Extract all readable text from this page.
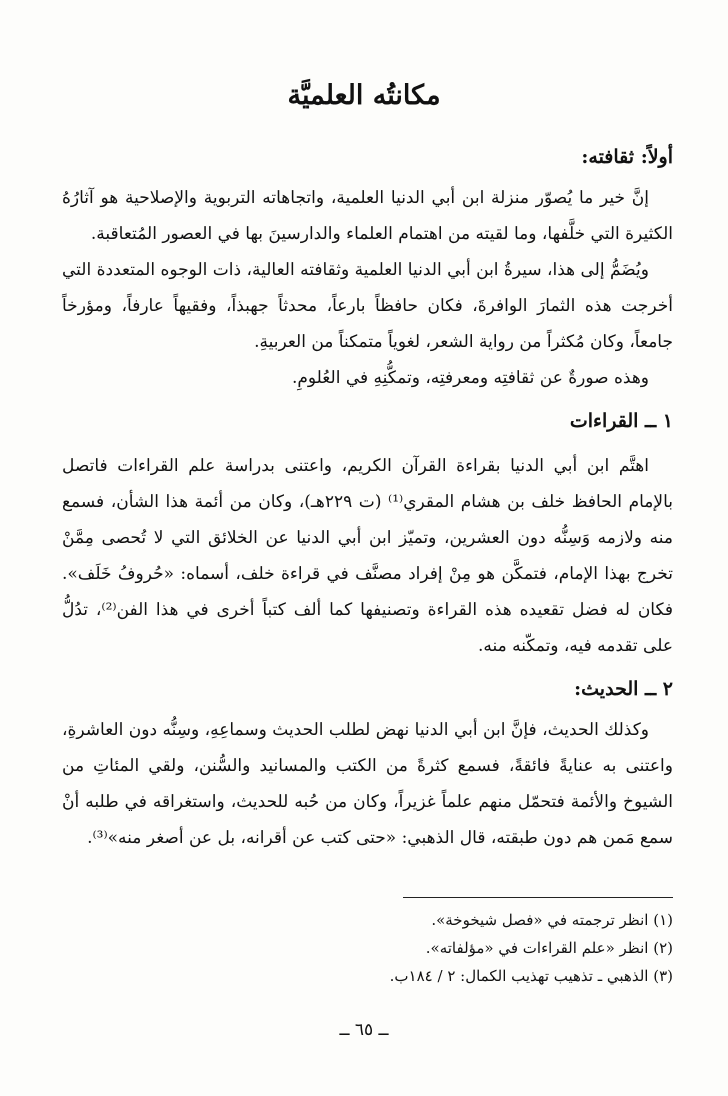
مكانتُه العلميَّة
أولاً: ثقافته:

إنَّ خير ما يُصوّر منزلة ابن أبي الدنيا العلمية، واتجاهاته التربوية والإصلاحية هو آثارُهُ الكثيرة التي خلَّفها، وما لقيته من اهتمام العلماء والدارسينَ بها في العصور المُتعاقبة.

ويُضَمُّ إلى هذا، سيرةُ ابن أبي الدنيا العلمية وثقافته العالية، ذات الوجوه المتعددة التي أخرجت هذه الثمارَ الوافرةَ، فكان حافظاً بارعاً، محدثاً جهبذاً، وفقيهاً عارفاً، ومؤرخاً جامعاً، وكان مُكثراً من رواية الشعر، لغوياً متمكناً من العربيةِ.

وهذه صورةٌ عن ثقافتِه ومعرفتِه، وتمكُّنِهِ في العُلومِ.

١ ــ القراءات

اهتَّم ابن أبي الدنيا بقراءة القرآن الكريم، واعتنى بدراسة علم القراءات فاتصل بالإمام الحافظ خلف بن هشام المقري⁽¹⁾ (ت ٢٢٩هـ)، وكان من أئمة هذا الشأن، فسمع منه ولازمه وَسِنُّه دون العشرين، وتميّز ابن أبي الدنيا عن الخلائق التي لا تُحصى مِمَّنْ تخرج بهذا الإمام، فتمكَّن هو مِنْ إفراد مصنَّف في قراءة خلف، أسماه: «حُروفُ خَلَف». فكان له فضل تقعيده هذه القراءة وتصنيفها كما ألف كتباً أخرى في هذا الفن⁽²⁾، تدُلُّ على تقدمه فيه، وتمكّنه منه.

٢ ــ الحديث:

وكذلك الحديث، فإنَّ ابن أبي الدنيا نهض لطلب الحديث وسماعِهِ، وسِنُّه دون العاشرةِ، واعتنى به عنايةً فائقةً، فسمع كثرةً من الكتب والمسانيد والسُّنن، ولقي المئاتِ من الشيوخ والأئمة فتحمّل منهم علماً غزيراً، وكان من حُبه للحديث، واستغراقه في طلبه أنْ سمع مَمن هم دون طبقته، قال الذهبي: «حتى كتب عن أقرانه، بل عن أصغر منه»⁽³⁾.

(١) انظر ترجمته في «فصل شيخوخة».
(٢) انظر «علم القراءات في «مؤلفاته».
(٣) الذهبي ـ تذهيب تهذيب الكمال: ٢ / ١٨٤ب.
ــ ٦٥ ــ
